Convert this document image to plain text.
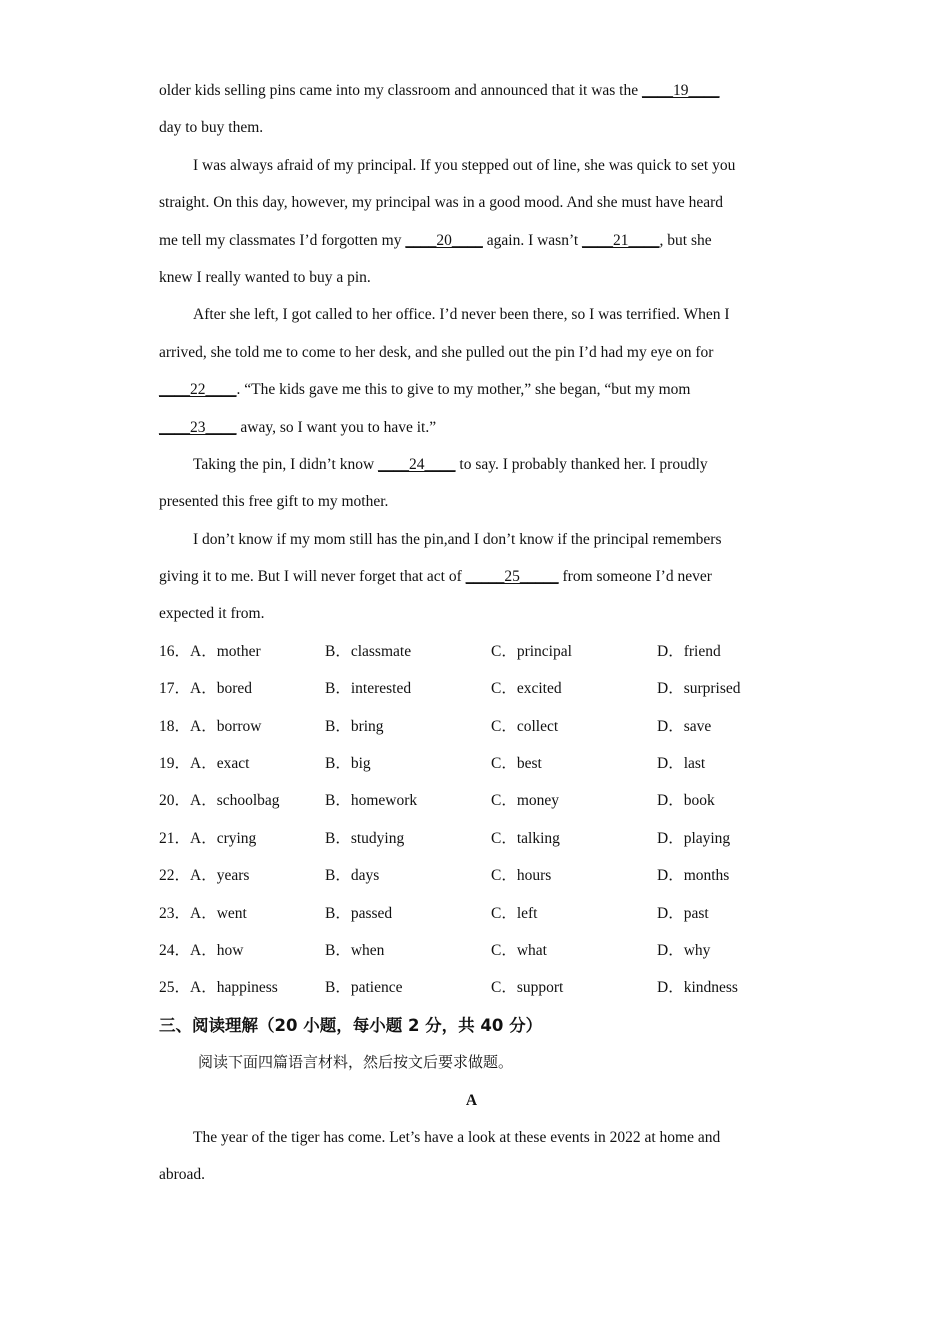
older kids selling pins came into my classroom and announced that it was the ____19____
day to buy them.
I was always afraid of my principal. If you stepped out of line, she was quick to set you
straight. On this day, however, my principal was in a good mood. And she must have heard
me tell my classmates I’d forgotten my ____20____ again. I wasn’t ____21____, but she
knew I really wanted to buy a pin.
After she left, I got called to her office. I’d never been there, so I was terrified. When I
arrived, she told me to come to her desk, and she pulled out the pin I’d had my eye on for
____22____. “The kids gave me this to give to my mother,” she began, “but my mom
____23____ away, so I want you to have it.”
Taking the pin, I didn’t know ____24____ to say. I probably thanked her. I proudly
presented this free gift to my mother.
I don’t know if my mom still has the pin,and I don’t know if the principal remembers
giving it to me. But I will never forget that act of _____25_____ from someone I’d never
expected it from.
16．A．mother	B．classmate	C．principal	D．friend
17．A．bored	B．interested	C．excited	D．surprised
18．A．borrow	B．bring	C．collect	D．save
19．A．exact	B．big	C．best	D．last
20．A．schoolbag	B．homework	C．money	D．book
21．A．crying	B．studying	C．talking	D．playing
22．A．years	B．days	C．hours	D．months
23．A．went	B．passed	C．left	D．past
24．A．how	B．when	C．what	D．why
25．A．happiness	B．patience	C．support	D．kindness
三、阅读理解（20 小题，每小题 2 分，共 40 分）
阅读下面四篇语言材料，然后按文后要求做题。
A
The year of the tiger has come. Let’s have a look at these events in 2022 at home and
abroad.
